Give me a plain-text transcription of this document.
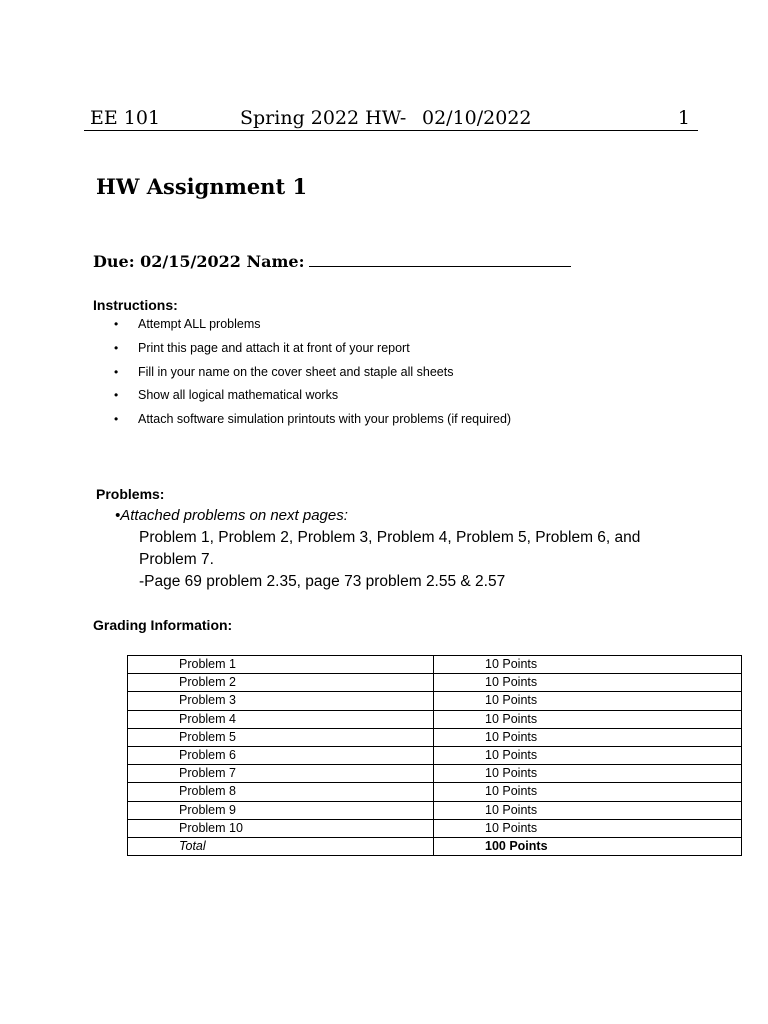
EE 101	Spring 2022 HW- 02/10/2022	1
HW Assignment 1
Due: 02/15/2022 Name:
Instructions:
• Attempt ALL problems
• Print this page and attach it at front of your report
• Fill in your name on the cover sheet and staple all sheets
• Show all logical mathematical works
• Attach software simulation printouts with your problems (if required)
Problems:
•Attached problems on next pages:
Problem 1, Problem 2, Problem 3, Problem 4, Problem 5, Problem 6, and
Problem 7.
-Page 69 problem 2.35, page 73 problem 2.55 & 2.57
Grading Information:
Problem 1	10 Points
Problem 2	10 Points
Problem 3	10 Points
Problem 4	10 Points
Problem 5	10 Points
Problem 6	10 Points
Problem 7	10 Points
Problem 8	10 Points
Problem 9	10 Points
Problem 10	10 Points
Total	100 Points
